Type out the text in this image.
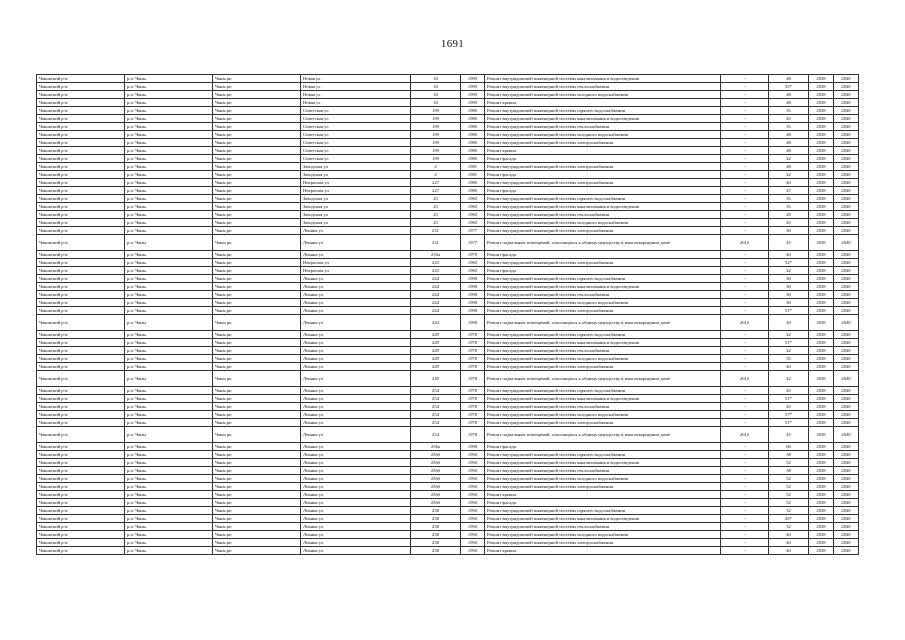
1691
Чановский р-н	р.п. Чаны	Чаны рп	Новая ул	18	1995	Ремонт внутридомовой инженерной системы канализования и водоотведения	-	48	2038	2040
Чановский р-н	р.п. Чаны	Чаны рп	Новая ул	18	1995	Ремонт внутридомовой инженерной системы теплоснабжения	-	35*	2038	2040
Чановский р-н	р.п. Чаны	Чаны рп	Новая ул	18	1995	Ремонт внутридомовой инженерной системы холодного водоснабжения	-	48	2038	2040
Чановский р-н	р.п. Чаны	Чаны рп	Новая ул	18	1995	Ремонт крыши	-	48	2038	2040
Чановский р-н	р.п. Чаны	Чаны рп	Советская ул	199	1985	Ремонт внутридомовой инженерной системы горячего водоснабжения	-	35	2038	2040
Чановский р-н	р.п. Чаны	Чаны рп	Советская ул	199	1985	Ремонт внутридомовой инженерной системы канализования и водоотведения	-	45	2038	2040
Чановский р-н	р.п. Чаны	Чаны рп	Советская ул	199	1985	Ремонт внутридомовой инженерной системы теплоснабжения	-	35	2038	2040
Чановский р-н	р.п. Чаны	Чаны рп	Советская ул	199	1985	Ремонт внутридомовой инженерной системы холодного водоснабжения	-	48	2038	2040
Чановский р-н	р.п. Чаны	Чаны рп	Советская ул	199	1985	Ремонт внутридомовой инженерной системы электроснабжения	-	48	2038	2040
Чановский р-н	р.п. Чаны	Чаны рп	Советская ул	199	1985	Ремонт крыши	-	48	2038	2040
Чановский р-н	р.п. Чаны	Чаны рп	Советская ул	199	1985	Ремонт фасада	-	42	2038	2040
Чановский р-н	р.п. Чаны	Чаны рп	Заводская ул	2	1981	Ремонт внутридомовой инженерной системы электроснабжения	-	48	2038	2040
Чановский р-н	р.п. Чаны	Чаны рп	Заводская ул	2	1981	Ремонт фасада	-	42	2038	2040
Чановский р-н	р.п. Чаны	Чаны рп	Некрасова ул	227	1985	Ремонт внутридомовой инженерной системы электроснабжения	-	40	2038	2040
Чановский р-н	р.п. Чаны	Чаны рп	Некрасова ул	227	1985	Ремонт фасада	-	47	2038	2040
Чановский р-н	р.п. Чаны	Чаны рп	Заводская ул	23	1982	Ремонт внутридомовой инженерной системы горячего водоснабжения	-	35	2038	2040
Чановский р-н	р.п. Чаны	Чаны рп	Заводская ул	23	1982	Ремонт внутридомовой инженерной системы канализования и водоотведения	-	35	2038	2040
Чановский р-н	р.п. Чаны	Чаны рп	Заводская ул	23	1982	Ремонт внутридомовой инженерной системы теплоснабжения	-	28	2038	2040
Чановский р-н	р.п. Чаны	Чаны рп	Заводская ул	23	1982	Ремонт внутридомовой инженерной системы холодного водоснабжения	-	45	2038	2040
Чановский р-н	р.п. Чаны	Чаны рп	Ленина ул	231	1977	Ремонт внутридомовой инженерной системы электроснабжения	-	30	2038	2040
Чановский р-н	р.п. Чаны	Чаны рп	Ленина ул	231	1977	Ремонт подвальных помещений, относящихся к общему имуществу в многоквартирном доме	2012	45	2038	2040
Чановский р-н	р.п. Чаны	Чаны рп	Ленина ул	233а	1979	Ремонт фасада	-	40	2038	2040
Чановский р-н	р.п. Чаны	Чаны рп	Некрасова ул	243	1982	Ремонт внутридомовой инженерной системы электроснабжения	-	52*	2038	2040
Чановский р-н	р.п. Чаны	Чаны рп	Некрасова ул	243	1982	Ремонт фасада	-	42	2038	2040
Чановский р-н	р.п. Чаны	Чаны рп	Ленина ул	244	1990	Ремонт внутридомовой инженерной системы горячего водоснабжения	-	30	2038	2040
Чановский р-н	р.п. Чаны	Чаны рп	Ленина ул	244	1990	Ремонт внутридомовой инженерной системы канализования и водоотведения	-	30	2038	2040
Чановский р-н	р.п. Чаны	Чаны рп	Ленина ул	244	1990	Ремонт внутридомовой инженерной системы теплоснабжения	-	30	2038	2040
Чановский р-н	р.п. Чаны	Чаны рп	Ленина ул	244	1990	Ремонт внутридомовой инженерной системы холодного водоснабжения	-	30	2038	2040
Чановский р-н	р.п. Чаны	Чаны рп	Ленина ул	244	1990	Ремонт внутридомовой инженерной системы электроснабжения	-	51*	2038	2040
Чановский р-н	р.п. Чаны	Чаны рп	Ленина ул	244	1990	Ремонт подвальных помещений, относящихся к общему имуществу в многоквартирном доме	2012	30	2038	2040
Чановский р-н	р.п. Чаны	Чаны рп	Ленина ул	249	1978	Ремонт внутридомовой инженерной системы горячего водоснабжения	-	42	2038	2040
Чановский р-н	р.п. Чаны	Чаны рп	Ленина ул	249	1978	Ремонт внутридомовой инженерной системы канализования и водоотведения	-	51*	2038	2040
Чановский р-н	р.п. Чаны	Чаны рп	Ленина ул	249	1978	Ремонт внутридомовой инженерной системы теплоснабжения	-	42	2038	2040
Чановский р-н	р.п. Чаны	Чаны рп	Ленина ул	249	1978	Ремонт внутридомовой инженерной системы холодного водоснабжения	-	55	2038	2040
Чановский р-н	р.п. Чаны	Чаны рп	Ленина ул	249	1978	Ремонт внутридомовой инженерной системы электроснабжения	-	40	2038	2040
Чановский р-н	р.п. Чаны	Чаны рп	Ленина ул	249	1978	Ремонт подвальных помещений, относящихся к общему имуществу в многоквартирном доме	2012	42	2038	2040
Чановский р-н	р.п. Чаны	Чаны рп	Ленина ул	254	1978	Ремонт внутридомовой инженерной системы горячего водоснабжения	-	45	2038	2040
Чановский р-н	р.п. Чаны	Чаны рп	Ленина ул	254	1978	Ремонт внутридомовой инженерной системы канализования и водоотведения	-	51*	2038	2040
Чановский р-н	р.п. Чаны	Чаны рп	Ленина ул	254	1978	Ремонт внутридомовой инженерной системы теплоснабжения	-	45	2038	2040
Чановский р-н	р.п. Чаны	Чаны рп	Ленина ул	254	1978	Ремонт внутридомовой инженерной системы холодного водоснабжения	-	57*	2038	2040
Чановский р-н	р.п. Чаны	Чаны рп	Ленина ул	254	1978	Ремонт внутридомовой инженерной системы электроснабжения	-	51*	2038	2040
Чановский р-н	р.п. Чаны	Чаны рп	Ленина ул	254	1978	Ремонт подвальных помещений, относящихся к общему имуществу в многоквартирном доме	2012	45	2038	2040
Чановский р-н	р.п. Чаны	Чаны рп	Ленина ул	256а	1990	Ремонт фасада	-	60	2038	2040
Чановский р-н	р.п. Чаны	Чаны рп	Ленина ул	256б	1992	Ремонт внутридомовой инженерной системы горячего водоснабжения	-	38	2038	2040
Чановский р-н	р.п. Чаны	Чаны рп	Ленина ул	256б	1992	Ремонт внутридомовой инженерной системы канализования и водоотведения	-	52	2038	2040
Чановский р-н	р.п. Чаны	Чаны рп	Ленина ул	256б	1992	Ремонт внутридомовой инженерной системы теплоснабжения	-	38	2038	2040
Чановский р-н	р.п. Чаны	Чаны рп	Ленина ул	256б	1992	Ремонт внутридомовой инженерной системы холодного водоснабжения	-	52	2038	2040
Чановский р-н	р.п. Чаны	Чаны рп	Ленина ул	256б	1992	Ремонт внутридомовой инженерной системы электроснабжения	-	52	2038	2040
Чановский р-н	р.п. Чаны	Чаны рп	Ленина ул	256б	1992	Ремонт крыши	-	52	2038	2040
Чановский р-н	р.п. Чаны	Чаны рп	Ленина ул	256б	1992	Ремонт фасада	-	52	2038	2040
Чановский р-н	р.п. Чаны	Чаны рп	Ленина ул	258	1992	Ремонт внутридомовой инженерной системы горячего водоснабжения	-	32	2038	2040
Чановский р-н	р.п. Чаны	Чаны рп	Ленина ул	258	1992	Ремонт внутридомовой инженерной системы канализования и водоотведения	-	26*	2038	2040
Чановский р-н	р.п. Чаны	Чаны рп	Ленина ул	258	1992	Ремонт внутридомовой инженерной системы теплоснабжения	-	32	2038	2040
Чановский р-н	р.п. Чаны	Чаны рп	Ленина ул	258	1992	Ремонт внутридомовой инженерной системы холодного водоснабжения	-	40	2038	2040
Чановский р-н	р.п. Чаны	Чаны рп	Ленина ул	258	1992	Ремонт внутридомовой инженерной системы электроснабжения	-	40	2038	2040
Чановский р-н	р.п. Чаны	Чаны рп	Ленина ул	258	1992	Ремонт крыши	-	40	2038	2040
